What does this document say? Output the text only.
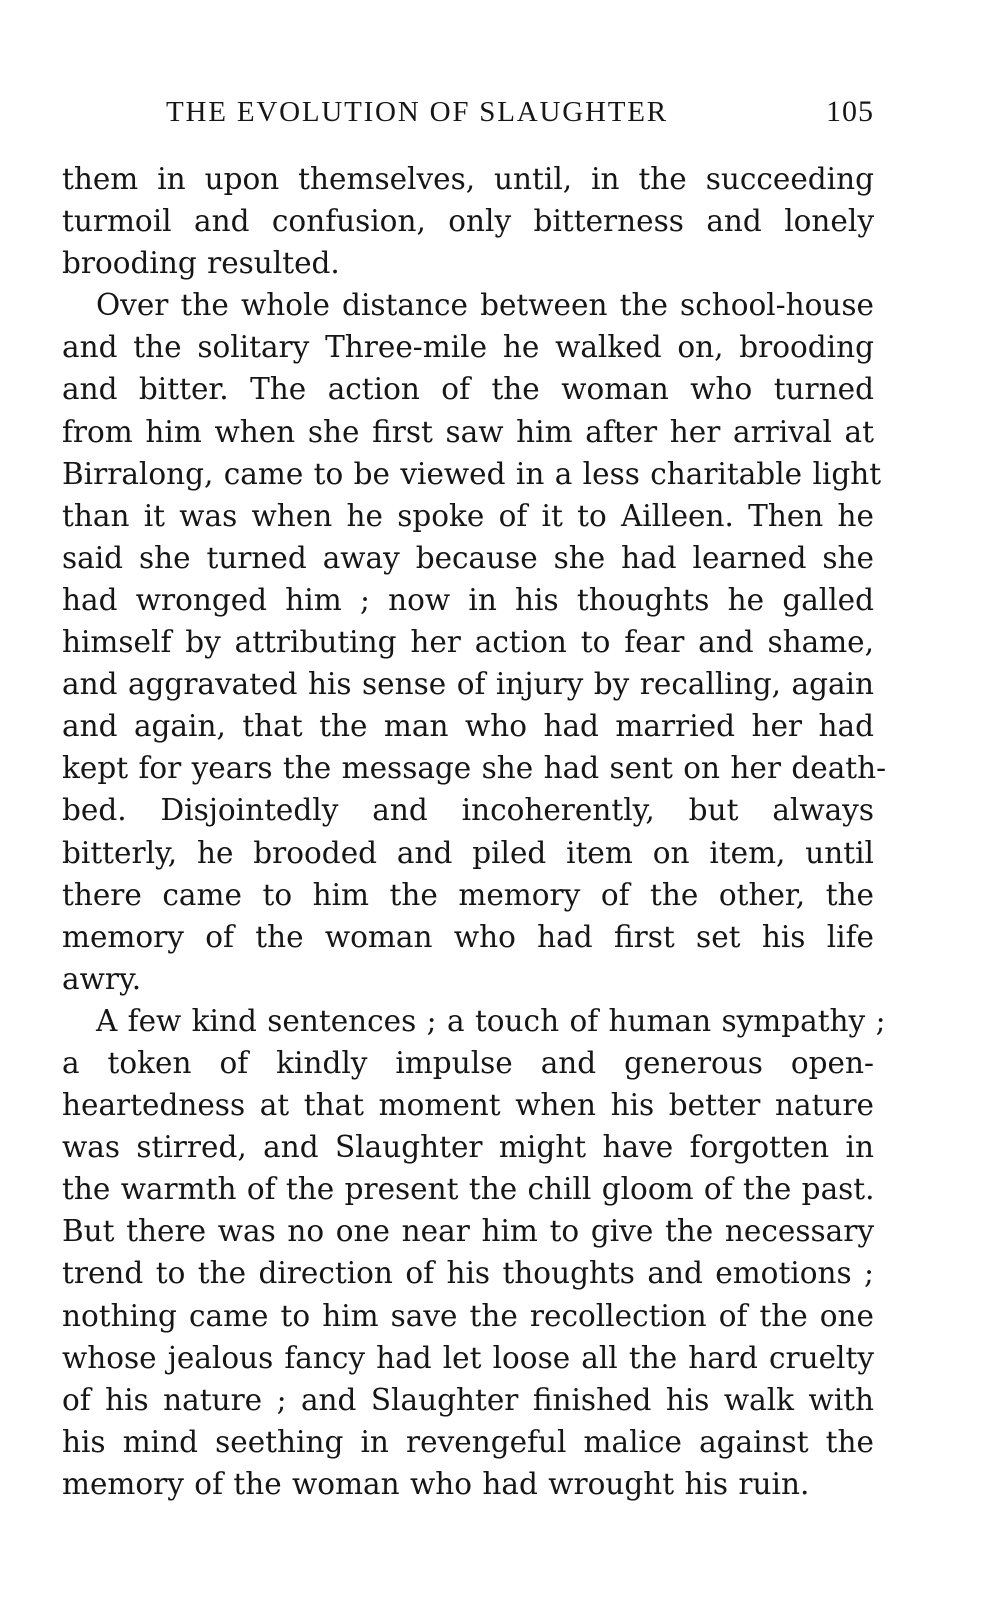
THE EVOLUTION OF SLAUGHTER	105

them in upon themselves, until, in the succeeding
turmoil and confusion, only bitterness and lonely
brooding resulted.

Over the whole distance between the school-house
and the solitary Three-mile he walked on, brooding
and bitter. The action of the woman who turned
from him when she first saw him after her arrival at
Birralong, came to be viewed in a less charitable light
than it was when he spoke of it to Ailleen. Then he
said she turned away because she had learned she
had wronged him ; now in his thoughts he galled
himself by attributing her action to fear and shame,
and aggravated his sense of injury by recalling, again
and again, that the man who had married her had
kept for years the message she had sent on her death-
bed. Disjointedly and incoherently, but always
bitterly, he brooded and piled item on item, until
there came to him the memory of the other, the
memory of the woman who had first set his life
awry.

A few kind sentences ; a touch of human sympathy ;
a token of kindly impulse and generous open-
heartedness at that moment when his better nature
was stirred, and Slaughter might have forgotten in
the warmth of the present the chill gloom of the past.
But there was no one near him to give the necessary
trend to the direction of his thoughts and emotions ;
nothing came to him save the recollection of the one
whose jealous fancy had let loose all the hard cruelty
of his nature ; and Slaughter finished his walk with
his mind seething in revengeful malice against the
memory of the woman who had wrought his ruin.
